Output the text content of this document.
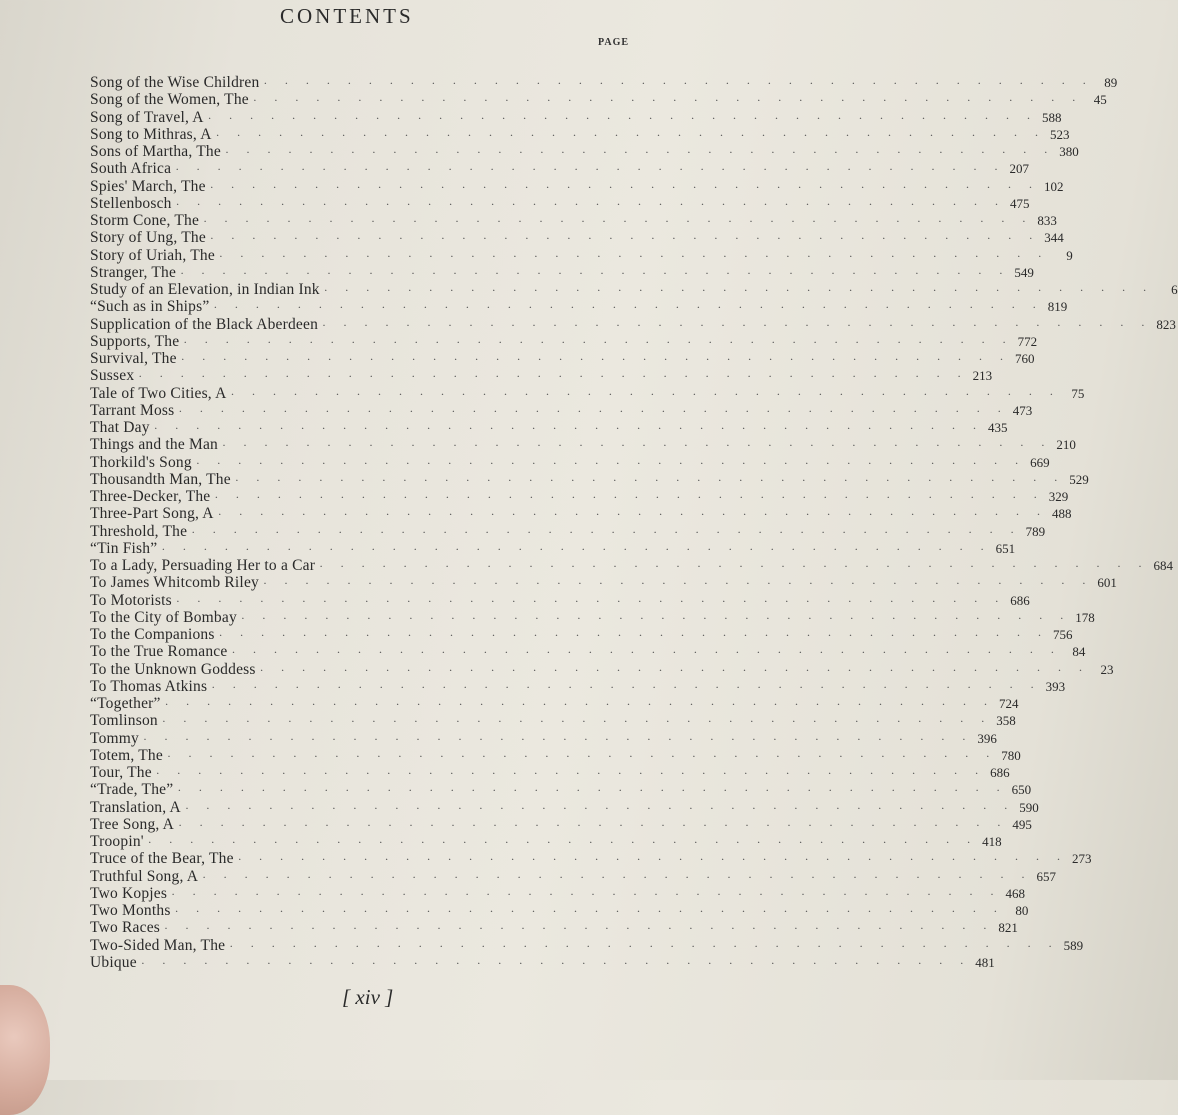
CONTENTS
PAGE
Song of the Wise Children · · · · · · · · · · · · · · · · · · · · · · · · · · · · · · · · · · · · · · · · 89
Song of the Women, The · · · · · · · · · · · · · · · · · · · · · · · · · · · · · · · · · · · · · · · · 45
Song of Travel, A · · · · · · · · · · · · · · · · · · · · · · · · · · · · · · · · · · · · · · · · 588
Song to Mithras, A · · · · · · · · · · · · · · · · · · · · · · · · · · · · · · · · · · · · · · · · 523
Sons of Martha, The · · · · · · · · · · · · · · · · · · · · · · · · · · · · · · · · · · · · · · · · 380
South Africa · · · · · · · · · · · · · · · · · · · · · · · · · · · · · · · · · · · · · · · · 207
Spies' March, The · · · · · · · · · · · · · · · · · · · · · · · · · · · · · · · · · · · · · · · · 102
Stellenbosch · · · · · · · · · · · · · · · · · · · · · · · · · · · · · · · · · · · · · · · · 475
Storm Cone, The · · · · · · · · · · · · · · · · · · · · · · · · · · · · · · · · · · · · · · · · 833
Story of Ung, The · · · · · · · · · · · · · · · · · · · · · · · · · · · · · · · · · · · · · · · · 344
Story of Uriah, The · · · · · · · · · · · · · · · · · · · · · · · · · · · · · · · · · · · · · · · ·	9
Stranger, The · · · · · · · · · · · · · · · · · · · · · · · · · · · · · · · · · · · · · · · · 549
Study of an Elevation, in Indian Ink · · · · · · · · · · · · · · · · · · · · · · · · · · · · · · · · · · · · · · · ·	6
“Such as in Ships” · · · · · · · · · · · · · · · · · · · · · · · · · · · · · · · · · · · · · · · · 819
Supplication of the Black Aberdeen · · · · · · · · · · · · · · · · · · · · · · · · · · · · · · · · · · · · · · · · 823
Supports, The · · · · · · · · · · · · · · · · · · · · · · · · · · · · · · · · · · · · · · · · 772
Survival, The · · · · · · · · · · · · · · · · · · · · · · · · · · · · · · · · · · · · · · · · 760
Sussex · · · · · · · · · · · · · · · · · · · · · · · · · · · · · · · · · · · · · · · · 213
Tale of Two Cities, A · · · · · · · · · · · · · · · · · · · · · · · · · · · · · · · · · · · · · · · · 75
Tarrant Moss · · · · · · · · · · · · · · · · · · · · · · · · · · · · · · · · · · · · · · · · 473
That Day · · · · · · · · · · · · · · · · · · · · · · · · · · · · · · · · · · · · · · · · 435
Things and the Man · · · · · · · · · · · · · · · · · · · · · · · · · · · · · · · · · · · · · · · · 210
Thorkild's Song · · · · · · · · · · · · · · · · · · · · · · · · · · · · · · · · · · · · · · · · 669
Thousandth Man, The · · · · · · · · · · · · · · · · · · · · · · · · · · · · · · · · · · · · · · · · 529
Three-Decker, The · · · · · · · · · · · · · · · · · · · · · · · · · · · · · · · · · · · · · · · · 329
Three-Part Song, A · · · · · · · · · · · · · · · · · · · · · · · · · · · · · · · · · · · · · · · · 488
Threshold, The · · · · · · · · · · · · · · · · · · · · · · · · · · · · · · · · · · · · · · · · 789
“Tin Fish” · · · · · · · · · · · · · · · · · · · · · · · · · · · · · · · · · · · · · · · · 651
To a Lady, Persuading Her to a Car · · · · · · · · · · · · · · · · · · · · · · · · · · · · · · · · · · · · · · · · 684
To James Whitcomb Riley · · · · · · · · · · · · · · · · · · · · · · · · · · · · · · · · · · · · · · · · 601
To Motorists · · · · · · · · · · · · · · · · · · · · · · · · · · · · · · · · · · · · · · · · 686
To the City of Bombay · · · · · · · · · · · · · · · · · · · · · · · · · · · · · · · · · · · · · · · · 178
To the Companions · · · · · · · · · · · · · · · · · · · · · · · · · · · · · · · · · · · · · · · · 756
To the True Romance · · · · · · · · · · · · · · · · · · · · · · · · · · · · · · · · · · · · · · · · 84
To the Unknown Goddess · · · · · · · · · · · · · · · · · · · · · · · · · · · · · · · · · · · · · · · · 23
To Thomas Atkins · · · · · · · · · · · · · · · · · · · · · · · · · · · · · · · · · · · · · · · · 393
“Together” · · · · · · · · · · · · · · · · · · · · · · · · · · · · · · · · · · · · · · · · 724
Tomlinson · · · · · · · · · · · · · · · · · · · · · · · · · · · · · · · · · · · · · · · · 358
Tommy · · · · · · · · · · · · · · · · · · · · · · · · · · · · · · · · · · · · · · · · 396
Totem, The · · · · · · · · · · · · · · · · · · · · · · · · · · · · · · · · · · · · · · · · 780
Tour, The · · · · · · · · · · · · · · · · · · · · · · · · · · · · · · · · · · · · · · · · 686
“Trade, The” · · · · · · · · · · · · · · · · · · · · · · · · · · · · · · · · · · · · · · · · 650
Translation, A · · · · · · · · · · · · · · · · · · · · · · · · · · · · · · · · · · · · · · · · 590
Tree Song, A · · · · · · · · · · · · · · · · · · · · · · · · · · · · · · · · · · · · · · · · 495
Troopin' · · · · · · · · · · · · · · · · · · · · · · · · · · · · · · · · · · · · · · · · 418
Truce of the Bear, The · · · · · · · · · · · · · · · · · · · · · · · · · · · · · · · · · · · · · · · · 273
Truthful Song, A · · · · · · · · · · · · · · · · · · · · · · · · · · · · · · · · · · · · · · · · 657
Two Kopjes · · · · · · · · · · · · · · · · · · · · · · · · · · · · · · · · · · · · · · · · 468
Two Months · · · · · · · · · · · · · · · · · · · · · · · · · · · · · · · · · · · · · · · · 80
Two Races · · · · · · · · · · · · · · · · · · · · · · · · · · · · · · · · · · · · · · · · 821
Two-Sided Man, The · · · · · · · · · · · · · · · · · · · · · · · · · · · · · · · · · · · · · · · · 589
Ubique · · · · · · · · · · · · · · · · · · · · · · · · · · · · · · · · · · · · · · · · 481
[ xiv ]
